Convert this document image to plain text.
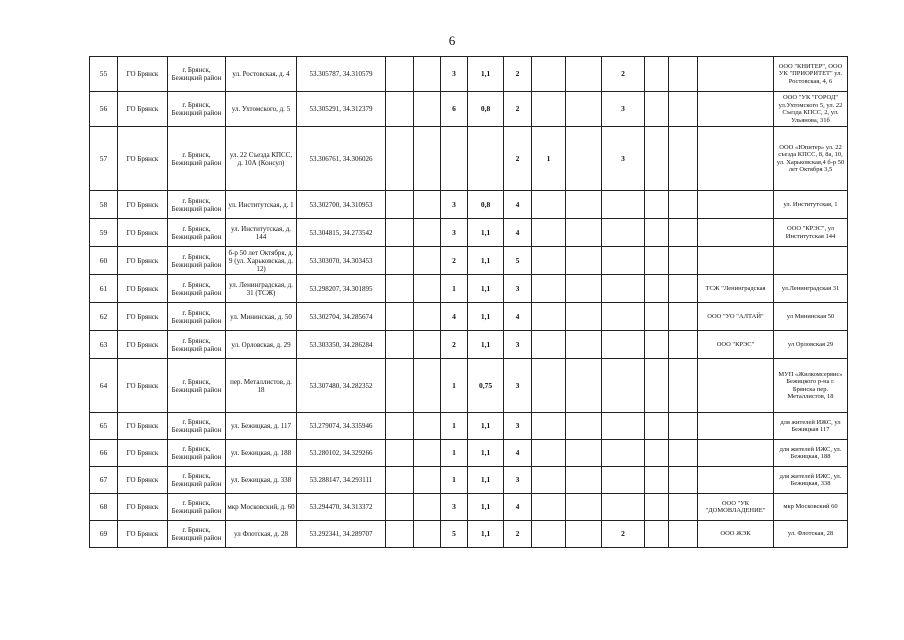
6
55	ГО Брянск	г. Брянск, Бежицкий район	ул. Ростовская, д. 4	53.305787, 34.310579			3	1,1	2			2				ООО "КНИТЕР", ООО УК "ПРИОРИТЕТ" ул. Ростовская, 4, 6
56	ГО Брянск	г. Брянск, Бежицкий район	ул. Ухтомского, д. 5	53.305291, 34.312379			6	0,8	2			3				ООО "УК "ГОРОД" ул.Ухтомского 5, ул. 22 Съезда КПСС, 2, ул. Ульянова, 31б
57	ГО Брянск	г. Брянск, Бежицкий район	ул. 22 Съезда КПСС, д. 10А (Консул)	53.306761, 34.306026					2	1		3				ООО «Юпитер» ул. 22 съезда КПСС, 8, 8а, 10, ул. Харьковская,4 б-р 50 лет Октября 3,5
58	ГО Брянск	г. Брянск, Бежицкий район	ул. Институтская, д. 1	53.302700, 34.310953			3	0,8	4							ул. Институтская, 1
59	ГО Брянск	г. Брянск, Бежицкий район	ул. Институтская, д. 144	53.304815, 34.273542			3	1,1	4							ООО "КРЭС", ул Институтская 144
60	ГО Брянск	г. Брянск, Бежицкий район	б-р 50 лет Октября, д. 9 (ул. Харьковская, д. 12)	53.303070, 34.303453			2	1,1	5							
61	ГО Брянск	г. Брянск, Бежицкий район	ул. Ленинградская, д. 31 (ТСЖ)	53.298207, 34.301895			1	1,1	3						ТСЖ "Ленинградская	ул.Ленинградская 31
62	ГО Брянск	г. Брянск, Бежицкий район	ул. Мининская, д. 50	53.302704, 34.285674			4	1,1	4						ООО "УО "АЛТАЙ"	ул Мининская 50
63	ГО Брянск	г. Брянск, Бежицкий район	ул. Орловская, д. 29	53.303350, 34.286284			2	1,1	3						ООО "КРЭС"	ул Орловская 29
64	ГО Брянск	г. Брянск, Бежицкий район	пер. Металлистов, д. 18	53.307480, 34.282352			1	0,75	3							МУП «Жилкомсервис» Бежицкого р-на г. Брянска пер. Металлистов, 18
65	ГО Брянск	г. Брянск, Бежицкий район	ул. Бежицкая, д. 117	53.279074, 34.335946			1	1,1	3							для жителей ИЖС, ул Бежицкая 117
66	ГО Брянск	г. Брянск, Бежицкий район	ул. Бежицкая, д. 188	53.280102, 34.329266			1	1,1	4							для жителей ИЖС, ул. Бежицкая, 188
67	ГО Брянск	г. Брянск, Бежицкий район	ул. Бежицкая, д. 338	53.288147, 34.293111			1	1,1	3							для жителей ИЖС, ул. Бежицкая, 338
68	ГО Брянск	г. Брянск, Бежицкий район	мкр Московский, д. 60	53.294470, 34.313372			3	1,1	4						ООО "УК "ДОМОВЛАДЕНИЕ"	мкр Московский 60
69	ГО Брянск	г. Брянск, Бежицкий район	ул Флотская, д. 28	53.292341, 34.289707			5	1,1	2			2			ООО ЖЭК	ул. Флотская, 28
